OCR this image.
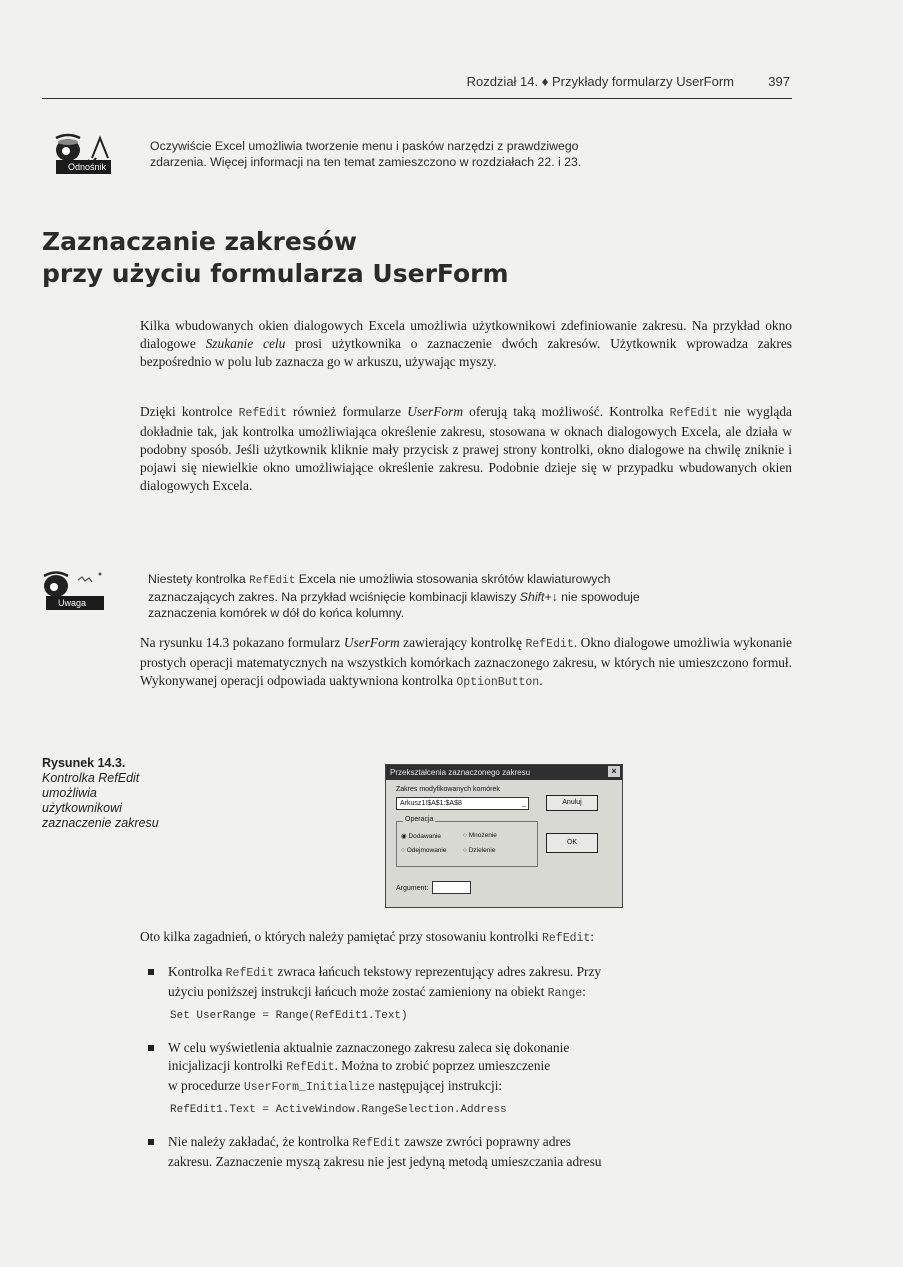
Rozdział 14. ♦ Przykłady formularzy UserForm	397
Odnośnik
Oczywiście Excel umożliwia tworzenie menu i pasków narzędzi z prawdziwego
zdarzenia. Więcej informacji na ten temat zamieszczono w rozdziałach 22. i 23.
Zaznaczanie zakresów
przy użyciu formularza UserForm
Kilka wbudowanych okien dialogowych Excela umożliwia użytkownikowi zdefiniowanie zakresu. Na przykład okno dialogowe Szukanie celu prosi użytkownika o zaznaczenie dwóch zakresów. Użytkownik wprowadza zakres bezpośrednio w polu lub zaznacza go w arkuszu, używając myszy.
Dzięki kontrolce RefEdit również formularze UserForm oferują taką możliwość. Kontrolka RefEdit nie wygląda dokładnie tak, jak kontrolka umożliwiająca określenie zakresu, stosowana w oknach dialogowych Excela, ale działa w podobny sposób. Jeśli użytkownik kliknie mały przycisk z prawej strony kontrolki, okno dialogowe na chwilę zniknie i pojawi się niewielkie okno umożliwiające określenie zakresu. Podobnie dzieje się w przypadku wbudowanych okien dialogowych Excela.
Uwaga
Niestety kontrolka RefEdit Excela nie umożliwia stosowania skrótów klawiaturowych
zaznaczających zakres. Na przykład wciśnięcie kombinacji klawiszy Shift+↓ nie spowoduje
zaznaczenia komórek w dół do końca kolumny.
Na rysunku 14.3 pokazano formularz UserForm zawierający kontrolkę RefEdit. Okno dialogowe umożliwia wykonanie prostych operacji matematycznych na wszystkich komórkach zaznaczonego zakresu, w których nie umieszczono formuł. Wykonywanej operacji odpowiada uaktywniona kontrolka OptionButton.
Rysunek 14.3.
Kontrolka RefEdit
umożliwia
użytkownikowi
zaznaczenie zakresu
Przekształcenia zaznaczonego zakresu	×
Zakres modyfikowanych komórek
Arkusz1!$A$1:$A$8	_	Anuluj
Operacja
◉ Dodawanie	○ Mnożenie
○ Odejmowanie	○ Dzielenie
OK
Argument:
Oto kilka zagadnień, o których należy pamiętać przy stosowaniu kontrolki RefEdit:
Kontrolka RefEdit zwraca łańcuch tekstowy reprezentujący adres zakresu. Przy
użyciu poniższej instrukcji łańcuch może zostać zamieniony na obiekt Range:
Set UserRange = Range(RefEdit1.Text)
W celu wyświetlenia aktualnie zaznaczonego zakresu zaleca się dokonanie
inicjalizacji kontrolki RefEdit. Można to zrobić poprzez umieszczenie
w procedurze UserForm_Initialize następującej instrukcji:
RefEdit1.Text = ActiveWindow.RangeSelection.Address
Nie należy zakładać, że kontrolka RefEdit zawsze zwróci poprawny adres
zakresu. Zaznaczenie myszą zakresu nie jest jedyną metodą umieszczania adresu
